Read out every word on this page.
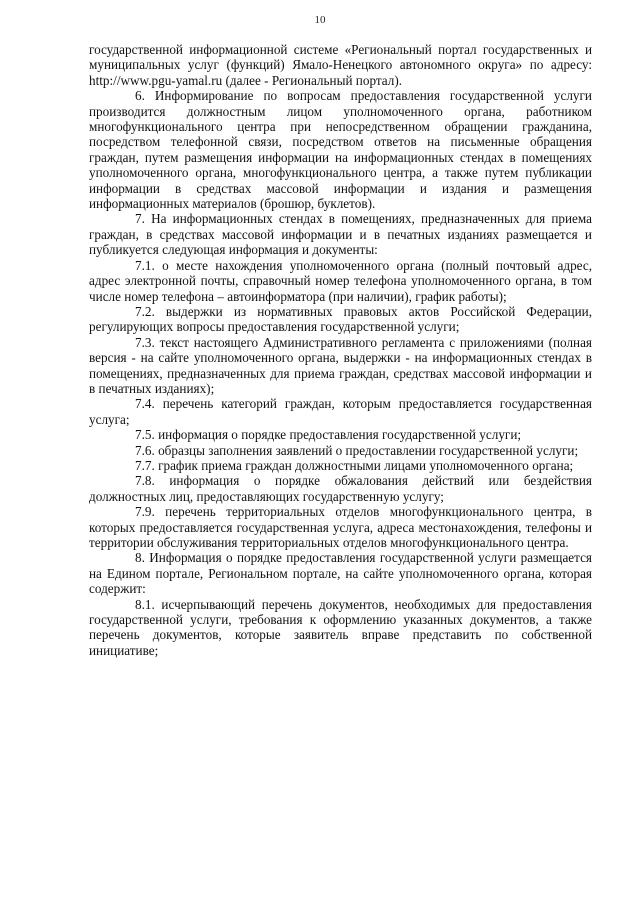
10

государственной информационной системе «Региональный портал государственных и муниципальных услуг (функций) Ямало-Ненецкого автономного округа» по адресу: http://www.pgu-yamal.ru (далее - Региональный портал).

6. Информирование по вопросам предоставления государственной услуги производится должностным лицом уполномоченного органа, работником многофункционального центра при непосредственном обращении гражданина, посредством телефонной связи, посредством ответов на письменные обращения граждан, путем размещения информации на информационных стендах в помещениях уполномоченного органа, многофункционального центра, а также путем публикации информации в средствах массовой информации и издания и размещения информационных материалов (брошюр, буклетов).

7. На информационных стендах в помещениях, предназначенных для приема граждан, в средствах массовой информации и в печатных изданиях размещается и публикуется следующая информация и документы:

7.1. о месте нахождения уполномоченного органа (полный почтовый адрес, адрес электронной почты, справочный номер телефона уполномоченного органа, в том числе номер телефона – автоинформатора (при наличии), график работы);

7.2. выдержки из нормативных правовых актов Российской Федерации, регулирующих вопросы предоставления государственной услуги;

7.3. текст настоящего Административного регламента с приложениями (полная версия - на сайте уполномоченного органа, выдержки - на информационных стендах в помещениях, предназначенных для приема граждан, средствах массовой информации и в печатных изданиях);

7.4. перечень категорий граждан, которым предоставляется государственная услуга;

7.5. информация о порядке предоставления государственной услуги;

7.6. образцы заполнения заявлений о предоставлении государственной услуги;

7.7. график приема граждан должностными лицами уполномоченного органа;

7.8. информация о порядке обжалования действий или бездействия должностных лиц, предоставляющих государственную услугу;

7.9. перечень территориальных отделов многофункционального центра, в которых предоставляется государственная услуга, адреса местонахождения, телефоны и территории обслуживания территориальных отделов многофункционального центра.

8. Информация о порядке предоставления государственной услуги размещается на Едином портале, Региональном портале, на сайте уполномоченного органа, которая содержит:

8.1. исчерпывающий перечень документов, необходимых для предоставления государственной услуги, требования к оформлению указанных документов, а также перечень документов, которые заявитель вправе представить по собственной инициативе;
